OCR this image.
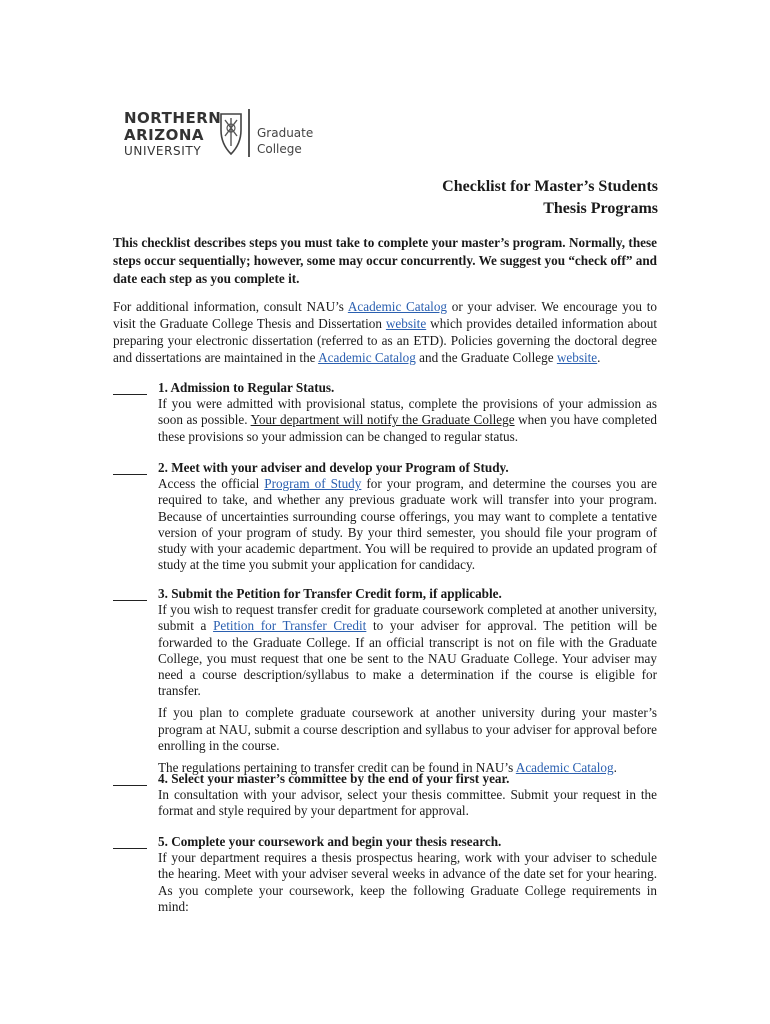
NORTHERN
ARIZONA
UNIVERSITY
Graduate
College
Checklist for Master’s Students
Thesis Programs
This checklist describes steps you must take to complete your master’s program. Normally, these steps occur sequentially; however, some may occur concurrently. We suggest you “check off” and date each step as you complete it.
For additional information, consult NAU’s Academic Catalog or your adviser. We encourage you to visit the Graduate College Thesis and Dissertation website which provides detailed information about preparing your electronic dissertation (referred to as an ETD). Policies governing the doctoral degree and dissertations are maintained in the Academic Catalog and the Graduate College website.
1. Admission to Regular Status.

If you were admitted with provisional status, complete the provisions of your admission as soon as possible. Your department will notify the Graduate College when you have completed these provisions so your admission can be changed to regular status.

2. Meet with your adviser and develop your Program of Study.

Access the official Program of Study for your program, and determine the courses you are required to take, and whether any previous graduate work will transfer into your program. Because of uncertainties surrounding course offerings, you may want to complete a tentative version of your program of study. By your third semester, you should file your program of study with your academic department. You will be required to provide an updated program of study at the time you submit your application for candidacy.

3. Submit the Petition for Transfer Credit form, if applicable.

If you wish to request transfer credit for graduate coursework completed at another university, submit a Petition for Transfer Credit to your adviser for approval. The petition will be forwarded to the Graduate College. If an official transcript is not on file with the Graduate College, you must request that one be sent to the NAU Graduate College. Your adviser may need a course description/syllabus to make a determination if the course is eligible for transfer.

If you plan to complete graduate coursework at another university during your master’s program at NAU, submit a course description and syllabus to your adviser for approval before enrolling in the course.

The regulations pertaining to transfer credit can be found in NAU’s Academic Catalog.

4. Select your master’s committee by the end of your first year.

In consultation with your advisor, select your thesis committee. Submit your request in the format and style required by your department for approval.

5. Complete your coursework and begin your thesis research.

If your department requires a thesis prospectus hearing, work with your adviser to schedule the hearing. Meet with your adviser several weeks in advance of the date set for your hearing. As you complete your coursework, keep the following Graduate College requirements in mind:
